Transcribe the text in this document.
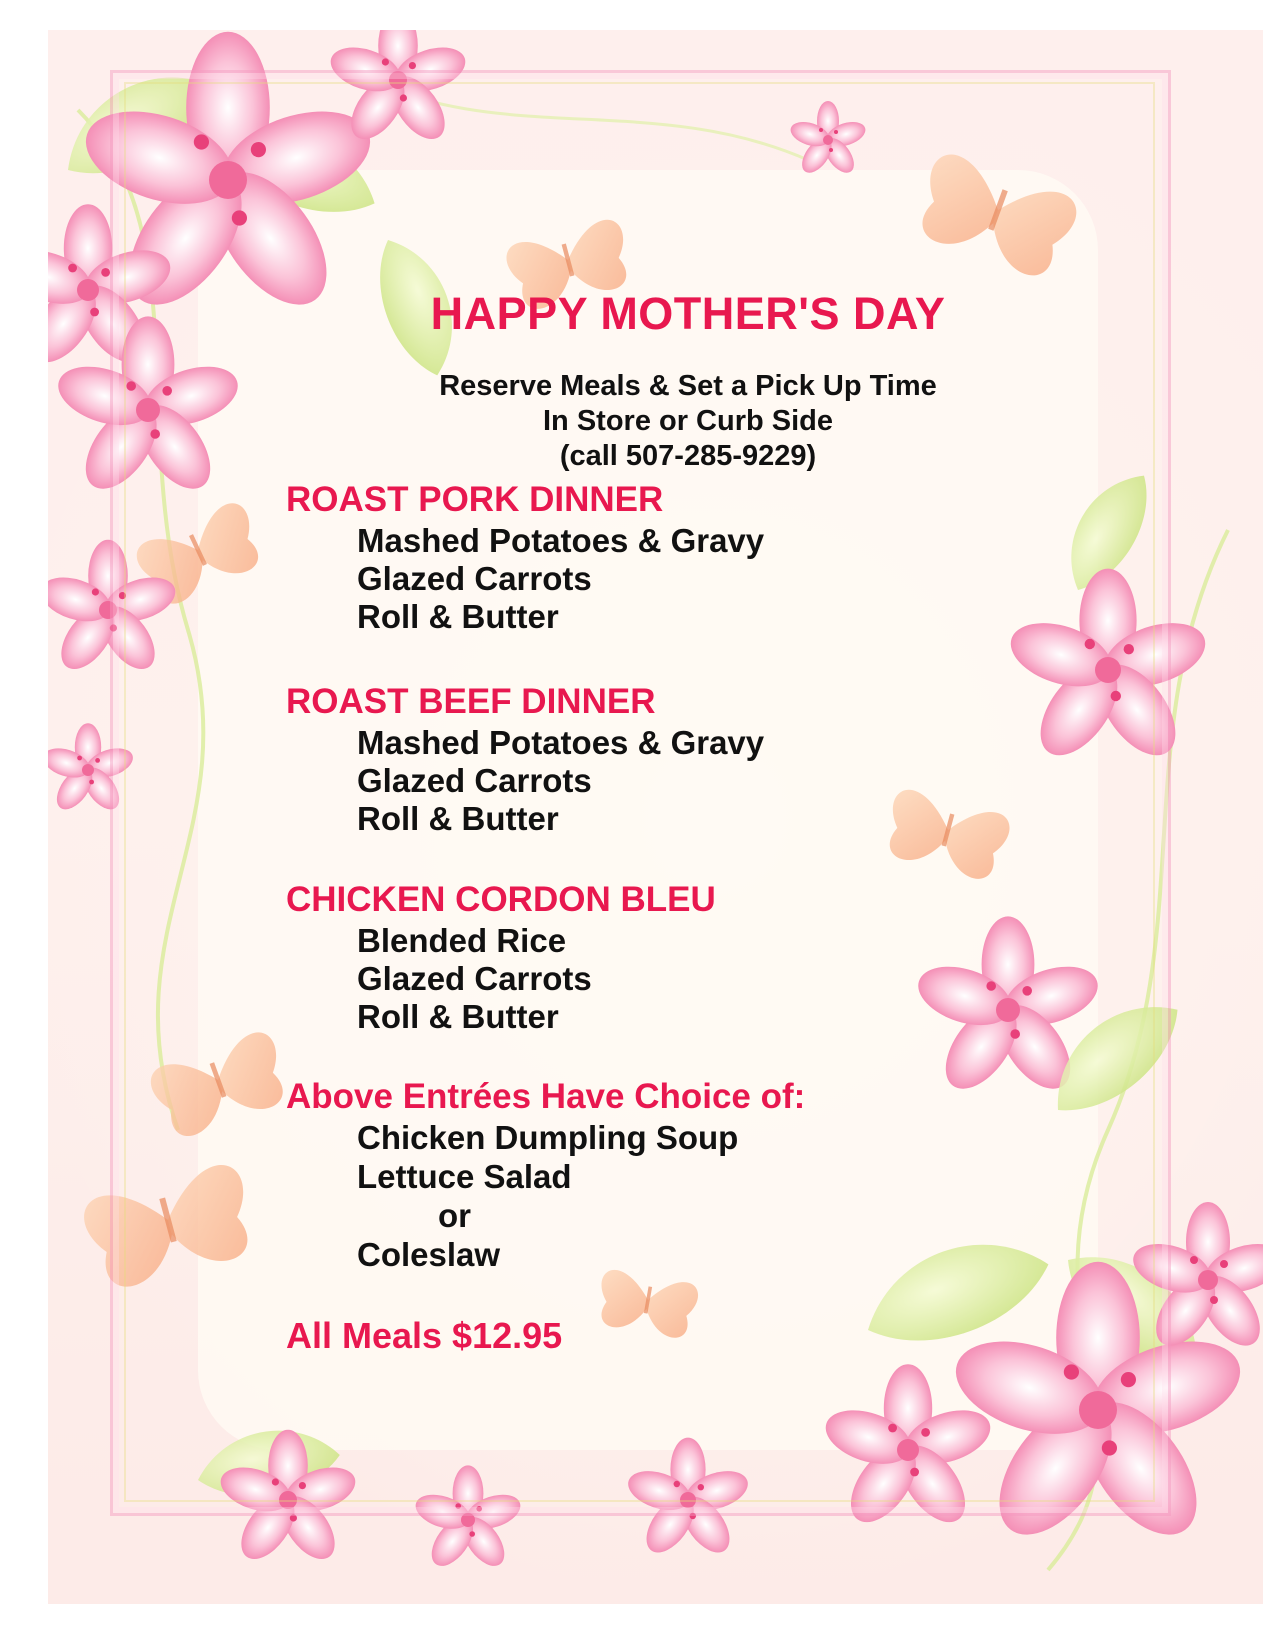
HAPPY MOTHER'S DAY
Reserve Meals & Set a Pick Up Time
In Store or Curb Side
(call 507-285-9229)
ROAST PORK DINNER
Mashed Potatoes & Gravy
Glazed Carrots
Roll & Butter
ROAST BEEF DINNER
Mashed Potatoes & Gravy
Glazed Carrots
Roll & Butter
CHICKEN CORDON BLEU
Blended Rice
Glazed Carrots
Roll & Butter
Above Entrées Have Choice of:
Chicken Dumpling Soup
Lettuce Salad
or
Coleslaw
All Meals $12.95
